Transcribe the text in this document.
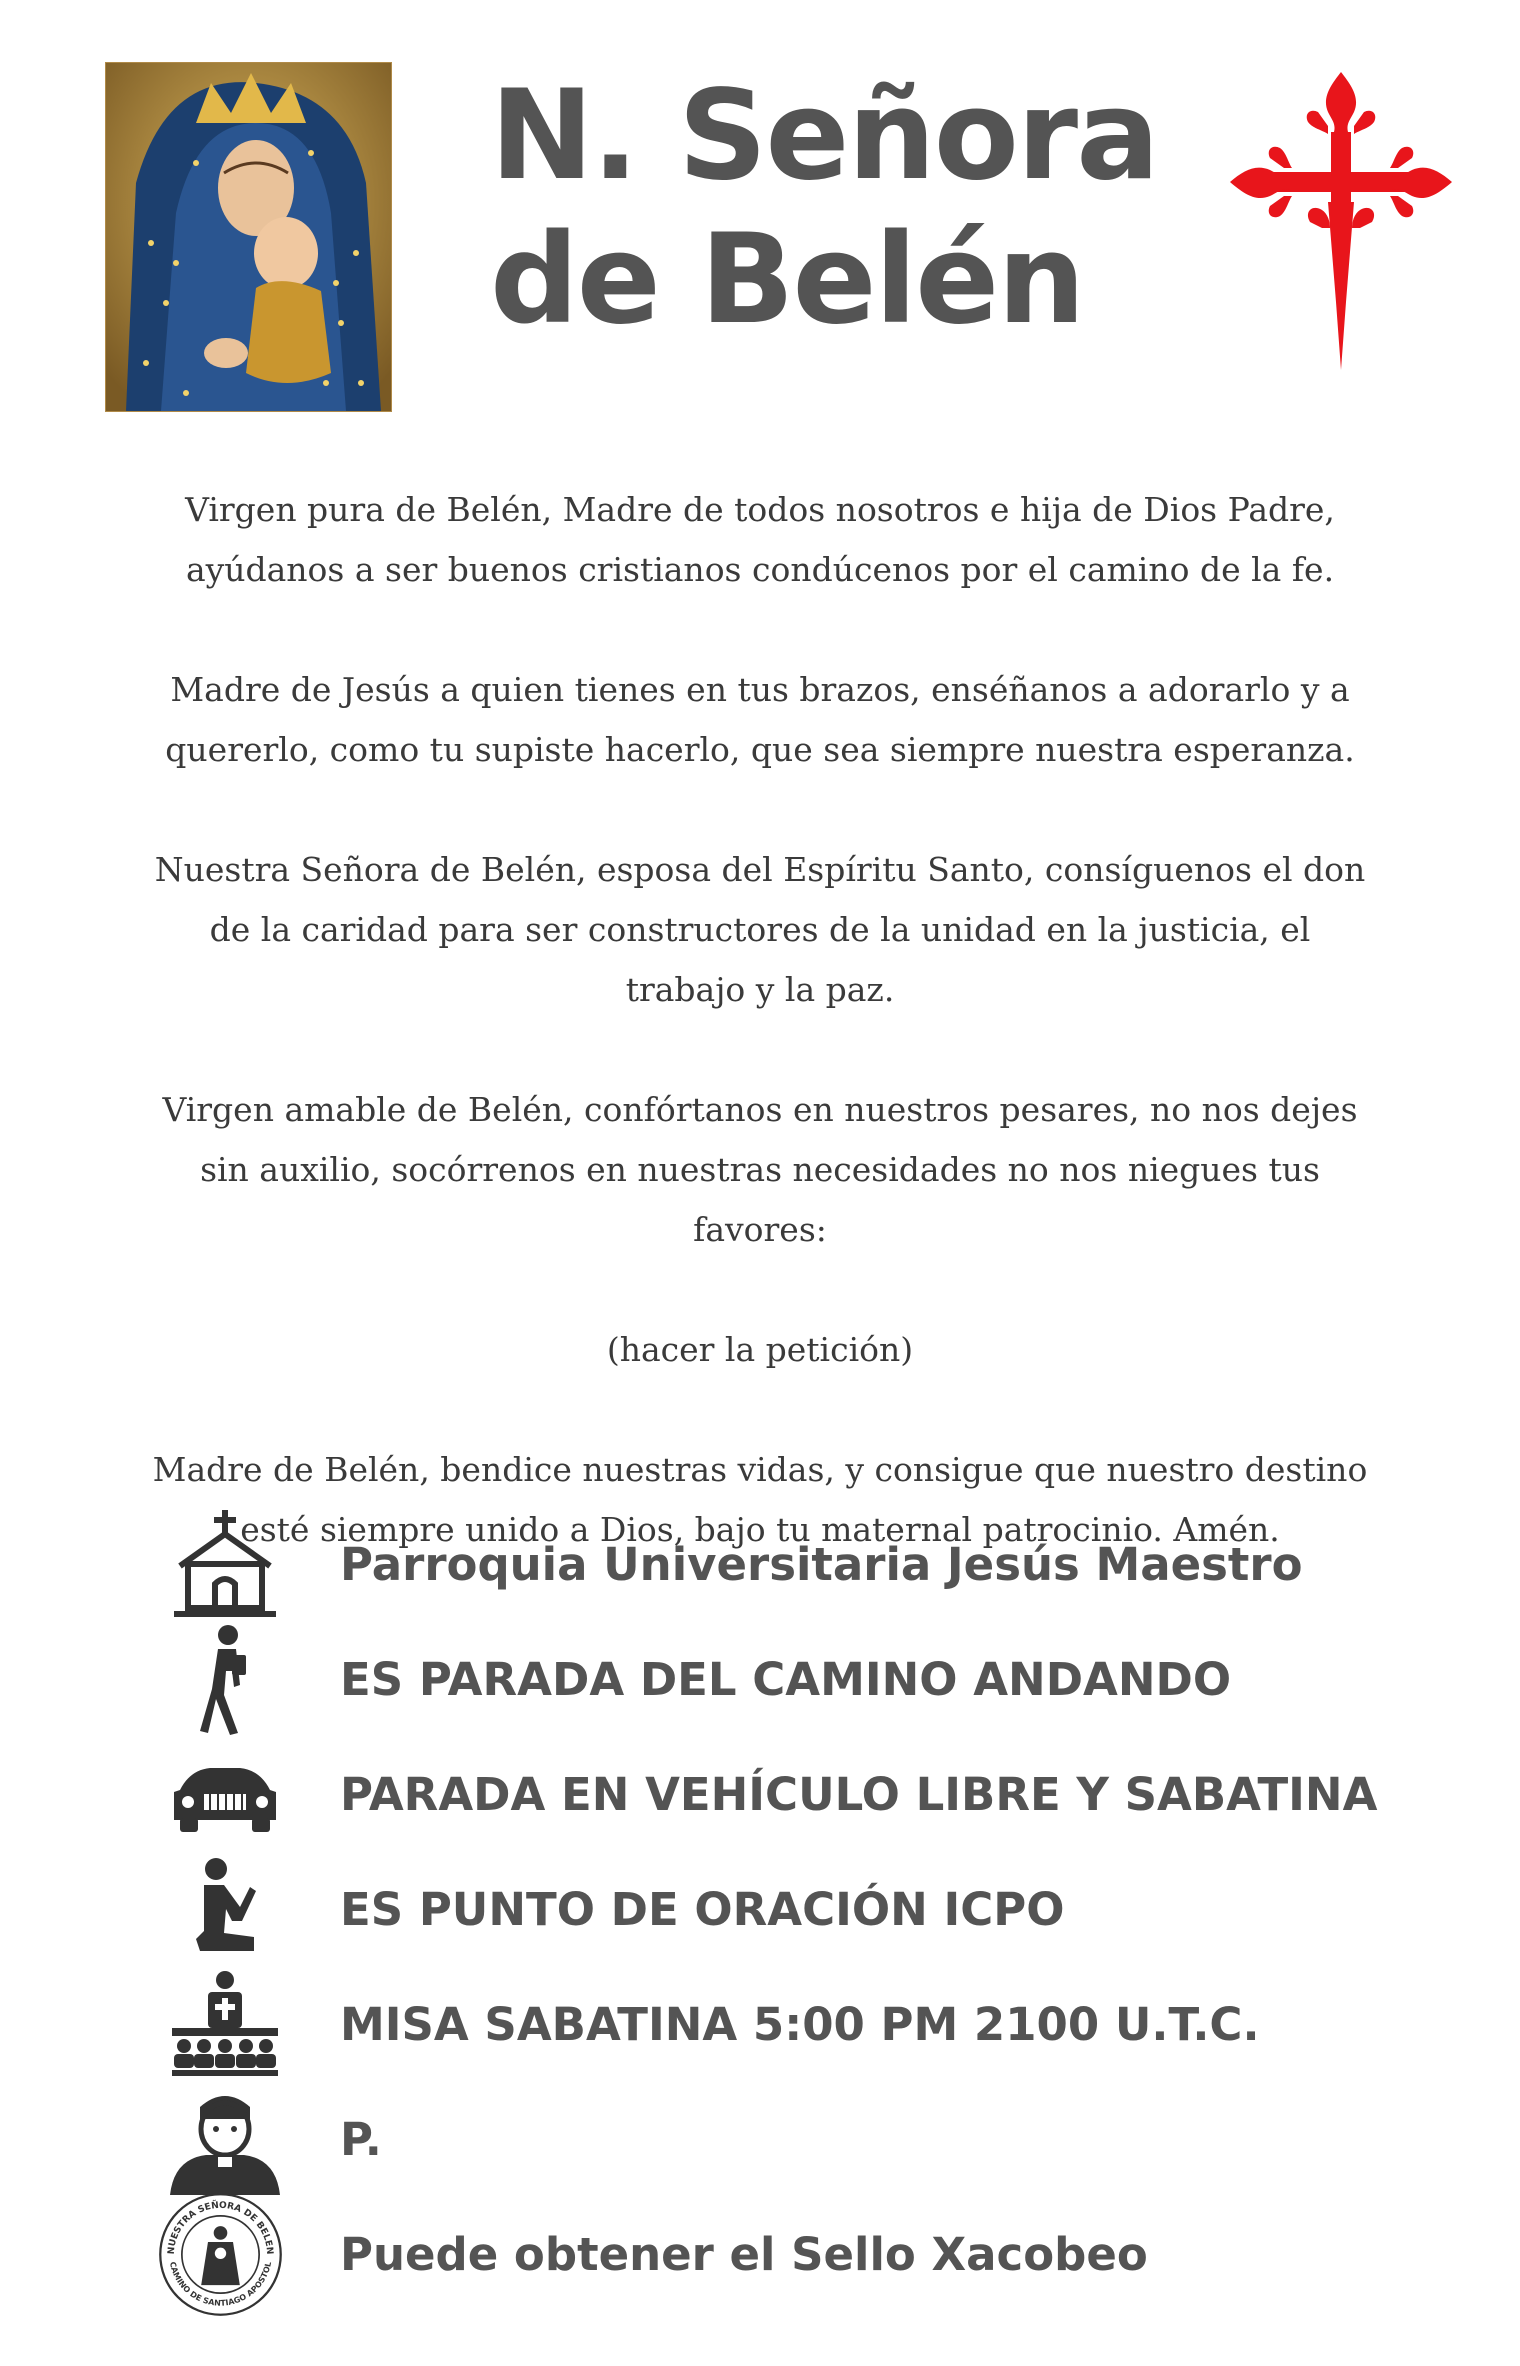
N. Señora
de Belén

Virgen pura de Belén, Madre de todos nosotros e hija de Dios Padre, ayúdanos a ser buenos cristianos condúcenos por el camino de la fe.

Madre de Jesús a quien tienes en tus brazos, enséñanos a adorarlo y a quererlo, como tu supiste hacerlo, que sea siempre nuestra esperanza.

Nuestra Señora de Belén, esposa del Espíritu Santo, consíguenos el don de la caridad para ser constructores de la unidad en la justicia, el trabajo y la paz.

Virgen amable de Belén, confórtanos en nuestros pesares, no nos dejes sin auxilio, socórrenos en nuestras necesidades no nos niegues tus favores:

(hacer la petición)

Madre de Belén, bendice nuestras vidas, y consigue que nuestro destino esté siempre unido a Dios, bajo tu maternal patrocinio. Amén.

Parroquia Universitaria Jesús Maestro
ES PARADA DEL CAMINO ANDANDO
PARADA EN VEHÍCULO LIBRE Y SABATINA
ES PUNTO DE ORACIÓN ICPO
MISA SABATINA 5:00 PM 2100 U.T.C.
P.
NUESTRA SEÑORA DE BELEN
CAMINO DE SANTIAGO APOSTOL Puede obtener el Sello Xacobeo
